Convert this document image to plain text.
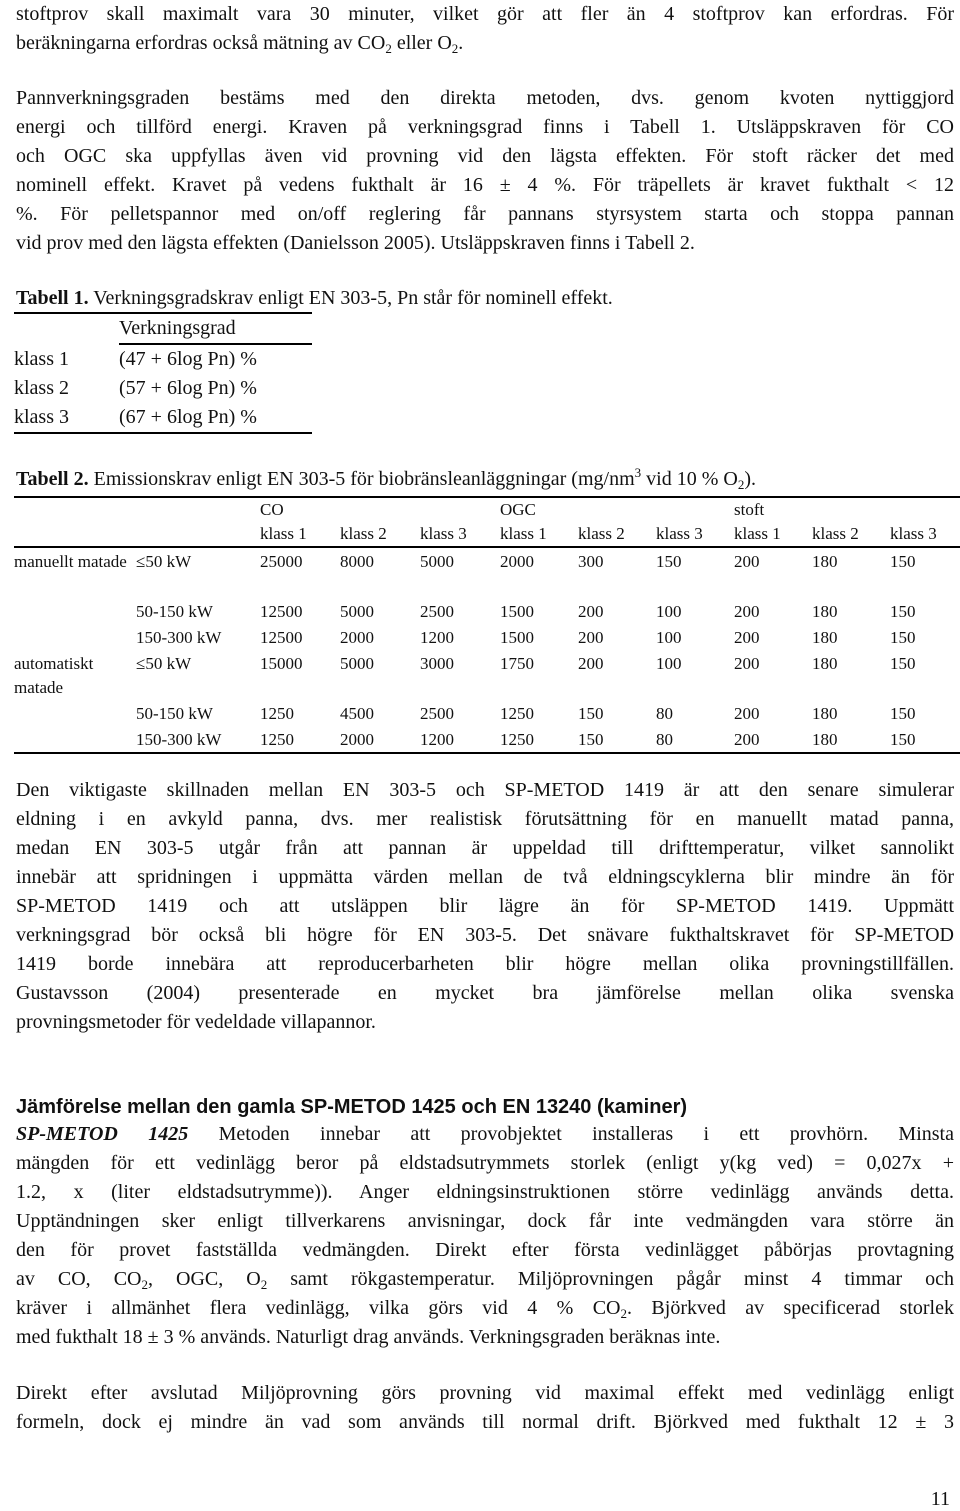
stoftprov skall maximalt vara 30 minuter, vilket gör att fler än 4 stoftprov kan erfordras. För
beräkningarna erfordras också mätning av $CO_2$ eller $O_2$.

Pannverkningsgraden bestäms med den direkta metoden, dvs. genom kvoten nyttiggjord
energi och tillförd energi. Kraven på verkningsgrad finns i Tabell 1. Utsläppskraven för CO
och OGC ska uppfyllas även vid provning vid den lägsta effekten. För stoft räcker det med
nominell effekt. Kravet på vedens fukthalt är 16 ± 4 %. För träpellets är kravet fukthalt < 12
%. För pelletspannor med on/off reglering får pannans styrsystem starta och stoppa pannan
vid prov med den lägsta effekten (Danielsson 2005). Utsläppskraven finns i Tabell 2.

Tabell 1. Verkningsgradskrav enligt EN 303-5, Pn står för nominell effekt.
	Verkningsgrad
klass 1	(47 + 6log Pn) %
klass 2	(57 + 6log Pn) %
klass 3	(67 + 6log Pn) %
Tabell 2. Emissionskrav enligt EN 303-5 för biobränsleanläggningar ($mg/nm^3$ vid 10 % $O_2$).
		CO			OGC			stoft		
		klass 1	klass 2	klass 3	klass 1	klass 2	klass 3	klass 1	klass 2	klass 3
manuellt matade	≤50 kW	25000	8000	5000	2000	300	150	200	180	150
	50-150 kW	12500	5000	2500	1500	200	100	200	180	150
	150-300 kW	12500	2000	1200	1500	200	100	200	180	150
automatiskt matade	≤50 kW	15000	5000	3000	1750	200	100	200	180	150
	50-150 kW	1250	4500	2500	1250	150	80	200	180	150
	150-300 kW	1250	2000	1200	1250	150	80	200	180	150

Den viktigaste skillnaden mellan EN 303-5 och SP-METOD 1419 är att den senare simulerar
eldning i en avkyld panna, dvs. mer realistisk förutsättning för en manuellt matad panna,
medan EN 303-5 utgår från att pannan är uppeldad till drifttemperatur, vilket sannolikt
innebär att spridningen i uppmätta värden mellan de två eldningscyklerna blir mindre än för
SP-METOD 1419 och att utsläppen blir lägre än för SP-METOD 1419. Uppmätt
verkningsgrad bör också bli högre för EN 303-5. Det snävare fukthaltskravet för SP-METOD
1419 borde innebära att reproducerbarheten blir högre mellan olika provningstillfällen.
Gustavsson (2004) presenterade en mycket bra jämförelse mellan olika svenska
provningsmetoder för vedeldade villapannor.

Jämförelse mellan den gamla SP-METOD 1425 och EN 13240 (kaminer)

SP-METOD 1425 Metoden innebar att provobjektet installeras i ett provhörn. Minsta
mängden för ett vedinlägg beror på eldstadsutrymmets storlek (enligt y(kg ved) = 0,027x +
1.2, x (liter eldstadsutrymme)). Anger eldningsinstruktionen större vedinlägg används detta.
Upptändningen sker enligt tillverkarens anvisningar, dock får inte vedmängden vara större än
den för provet fastställda vedmängden. Direkt efter första vedinlägget påbörjas provtagning
av CO, $CO_2$, OGC, $O_2$ samt rökgastemperatur. Miljöprovningen pågår minst 4 timmar och
kräver i allmänhet flera vedinlägg, vilka görs vid 4 % $CO_2$. Björkved av specificerad storlek
med fukthalt 18 ± 3 % används. Naturligt drag används. Verkningsgraden beräknas inte.

Direkt efter avslutad Miljöprovning görs provning vid maximal effekt med vedinlägg enligt
formeln, dock ej mindre än vad som används till normal drift. Björkved med fukthalt 12 ± 3

11
